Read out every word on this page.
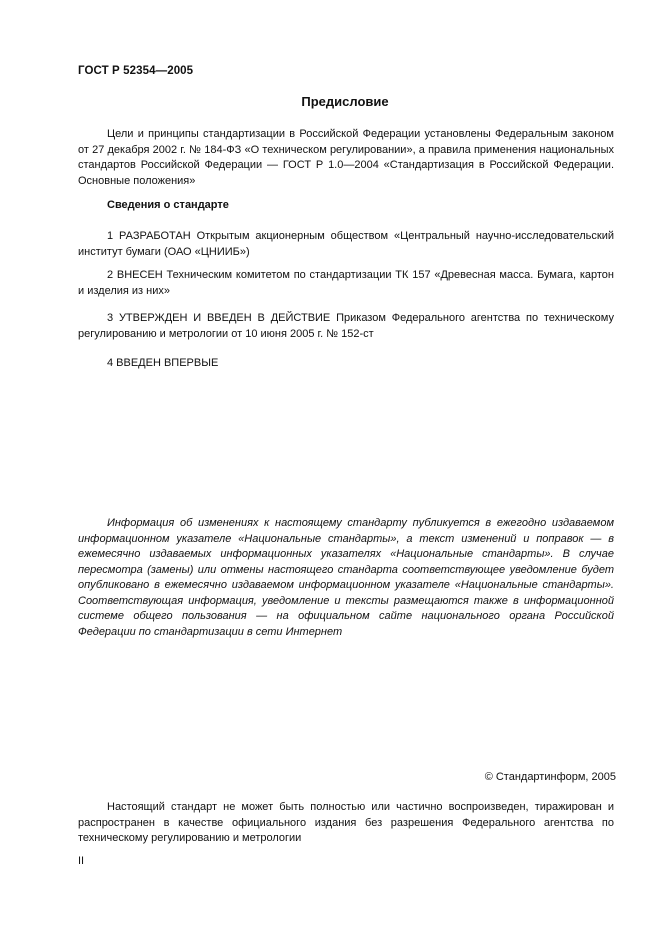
ГОСТ Р 52354—2005
Предисловие

Цели и принципы стандартизации в Российской Федерации установлены Федеральным законом от 27 декабря 2002 г. № 184-ФЗ «О техническом регулировании», а правила применения национальных стандартов Российской Федерации — ГОСТ Р 1.0—2004 «Стандартизация в Российской Федерации. Основные положения»

Сведения о стандарте

1 РАЗРАБОТАН Открытым акционерным обществом «Центральный научно-исследовательский институт бумаги (ОАО «ЦНИИБ»)

2 ВНЕСЕН Техническим комитетом по стандартизации ТК 157 «Древесная масса. Бумага, картон и изделия из них»

3 УТВЕРЖДЕН И ВВЕДЕН В ДЕЙСТВИЕ Приказом Федерального агентства по техническому регулированию и метрологии от 10 июня 2005 г. № 152-ст

4 ВВЕДЕН ВПЕРВЫЕ

Информация об изменениях к настоящему стандарту публикуется в ежегодно издаваемом информационном указателе «Национальные стандарты», а текст изменений и поправок — в ежемесячно издаваемых информационных указателях «Национальные стандарты». В случае пересмотра (замены) или отмены настоящего стандарта соответствующее уведомление будет опубликовано в ежемесячно издаваемом информационном указателе «Национальные стандарты». Соответствующая информация, уведомление и тексты размещаются также в информационной системе общего пользования — на официальном сайте национального органа Российской Федерации по стандартизации в сети Интернет

© Стандартинформ, 2005

Настоящий стандарт не может быть полностью или частично воспроизведен, тиражирован и распространен в качестве официального издания без разрешения Федерального агентства по техническому регулированию и метрологии

II
